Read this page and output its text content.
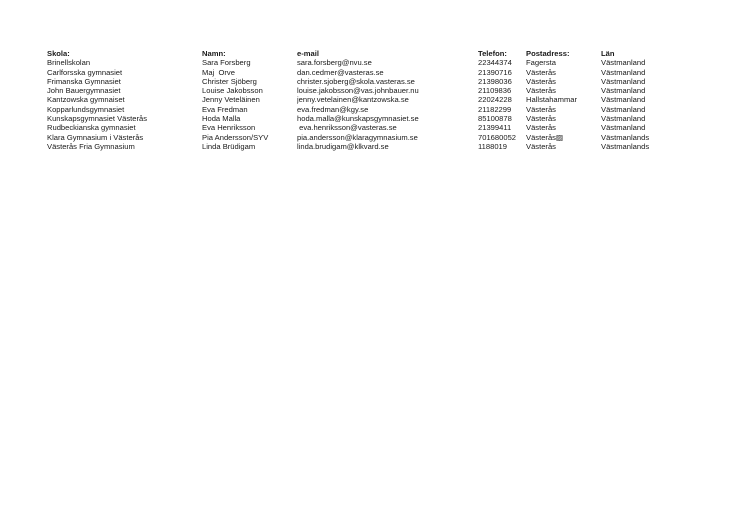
Skola:	Namn:	e-mail	Telefon:	Postadress:	Län
Brinellskolan	Sara Forsberg	sara.forsberg@nvu.se	22344374	Fagersta	Västmanland
Carlforsska gymnasiet	Maj  Orve	dan.cedmer@vasteras.se	21390716	Västerås	Västmanland
Frimanska Gymnasiet	Christer Sjöberg	christer.sjoberg@skola.vasteras.se	21398036	Västerås	Västmanland
John Bauergymnasiet	Louise Jakobsson	louise.jakobsson@vas.johnbauer.nu	21109836	Västerås	Västmanland
Kantzowska gymnaiset	Jenny Veteläinen	jenny.vetelainen@kantzowska.se	22024228	Hallstahammar	Västmanland
Kopparlundsgymnasiet	Eva Fredman	eva.fredman@kgy.se	21182299	Västerås	Västmanland
Kunskapsgymnasiet Västerås	Hoda Malla	hoda.malla@kunskapsgymnasiet.se	85100878	Västerås	Västmanland
Rudbeckianska gymnasiet	Eva Henriksson	eva.henriksson@vasteras.se	21399411	Västerås	Västmanland
Klara Gymnasium i Västerås	Pia Andersson/SYV	pia.andersson@klaragymnasium.se	701680052	Västerås▨	Västmanlands
Västerås Fria Gymnasium	Linda Brüdigam	linda.brudigam@klkvard.se	1188019	Västerås	Västmanlands
